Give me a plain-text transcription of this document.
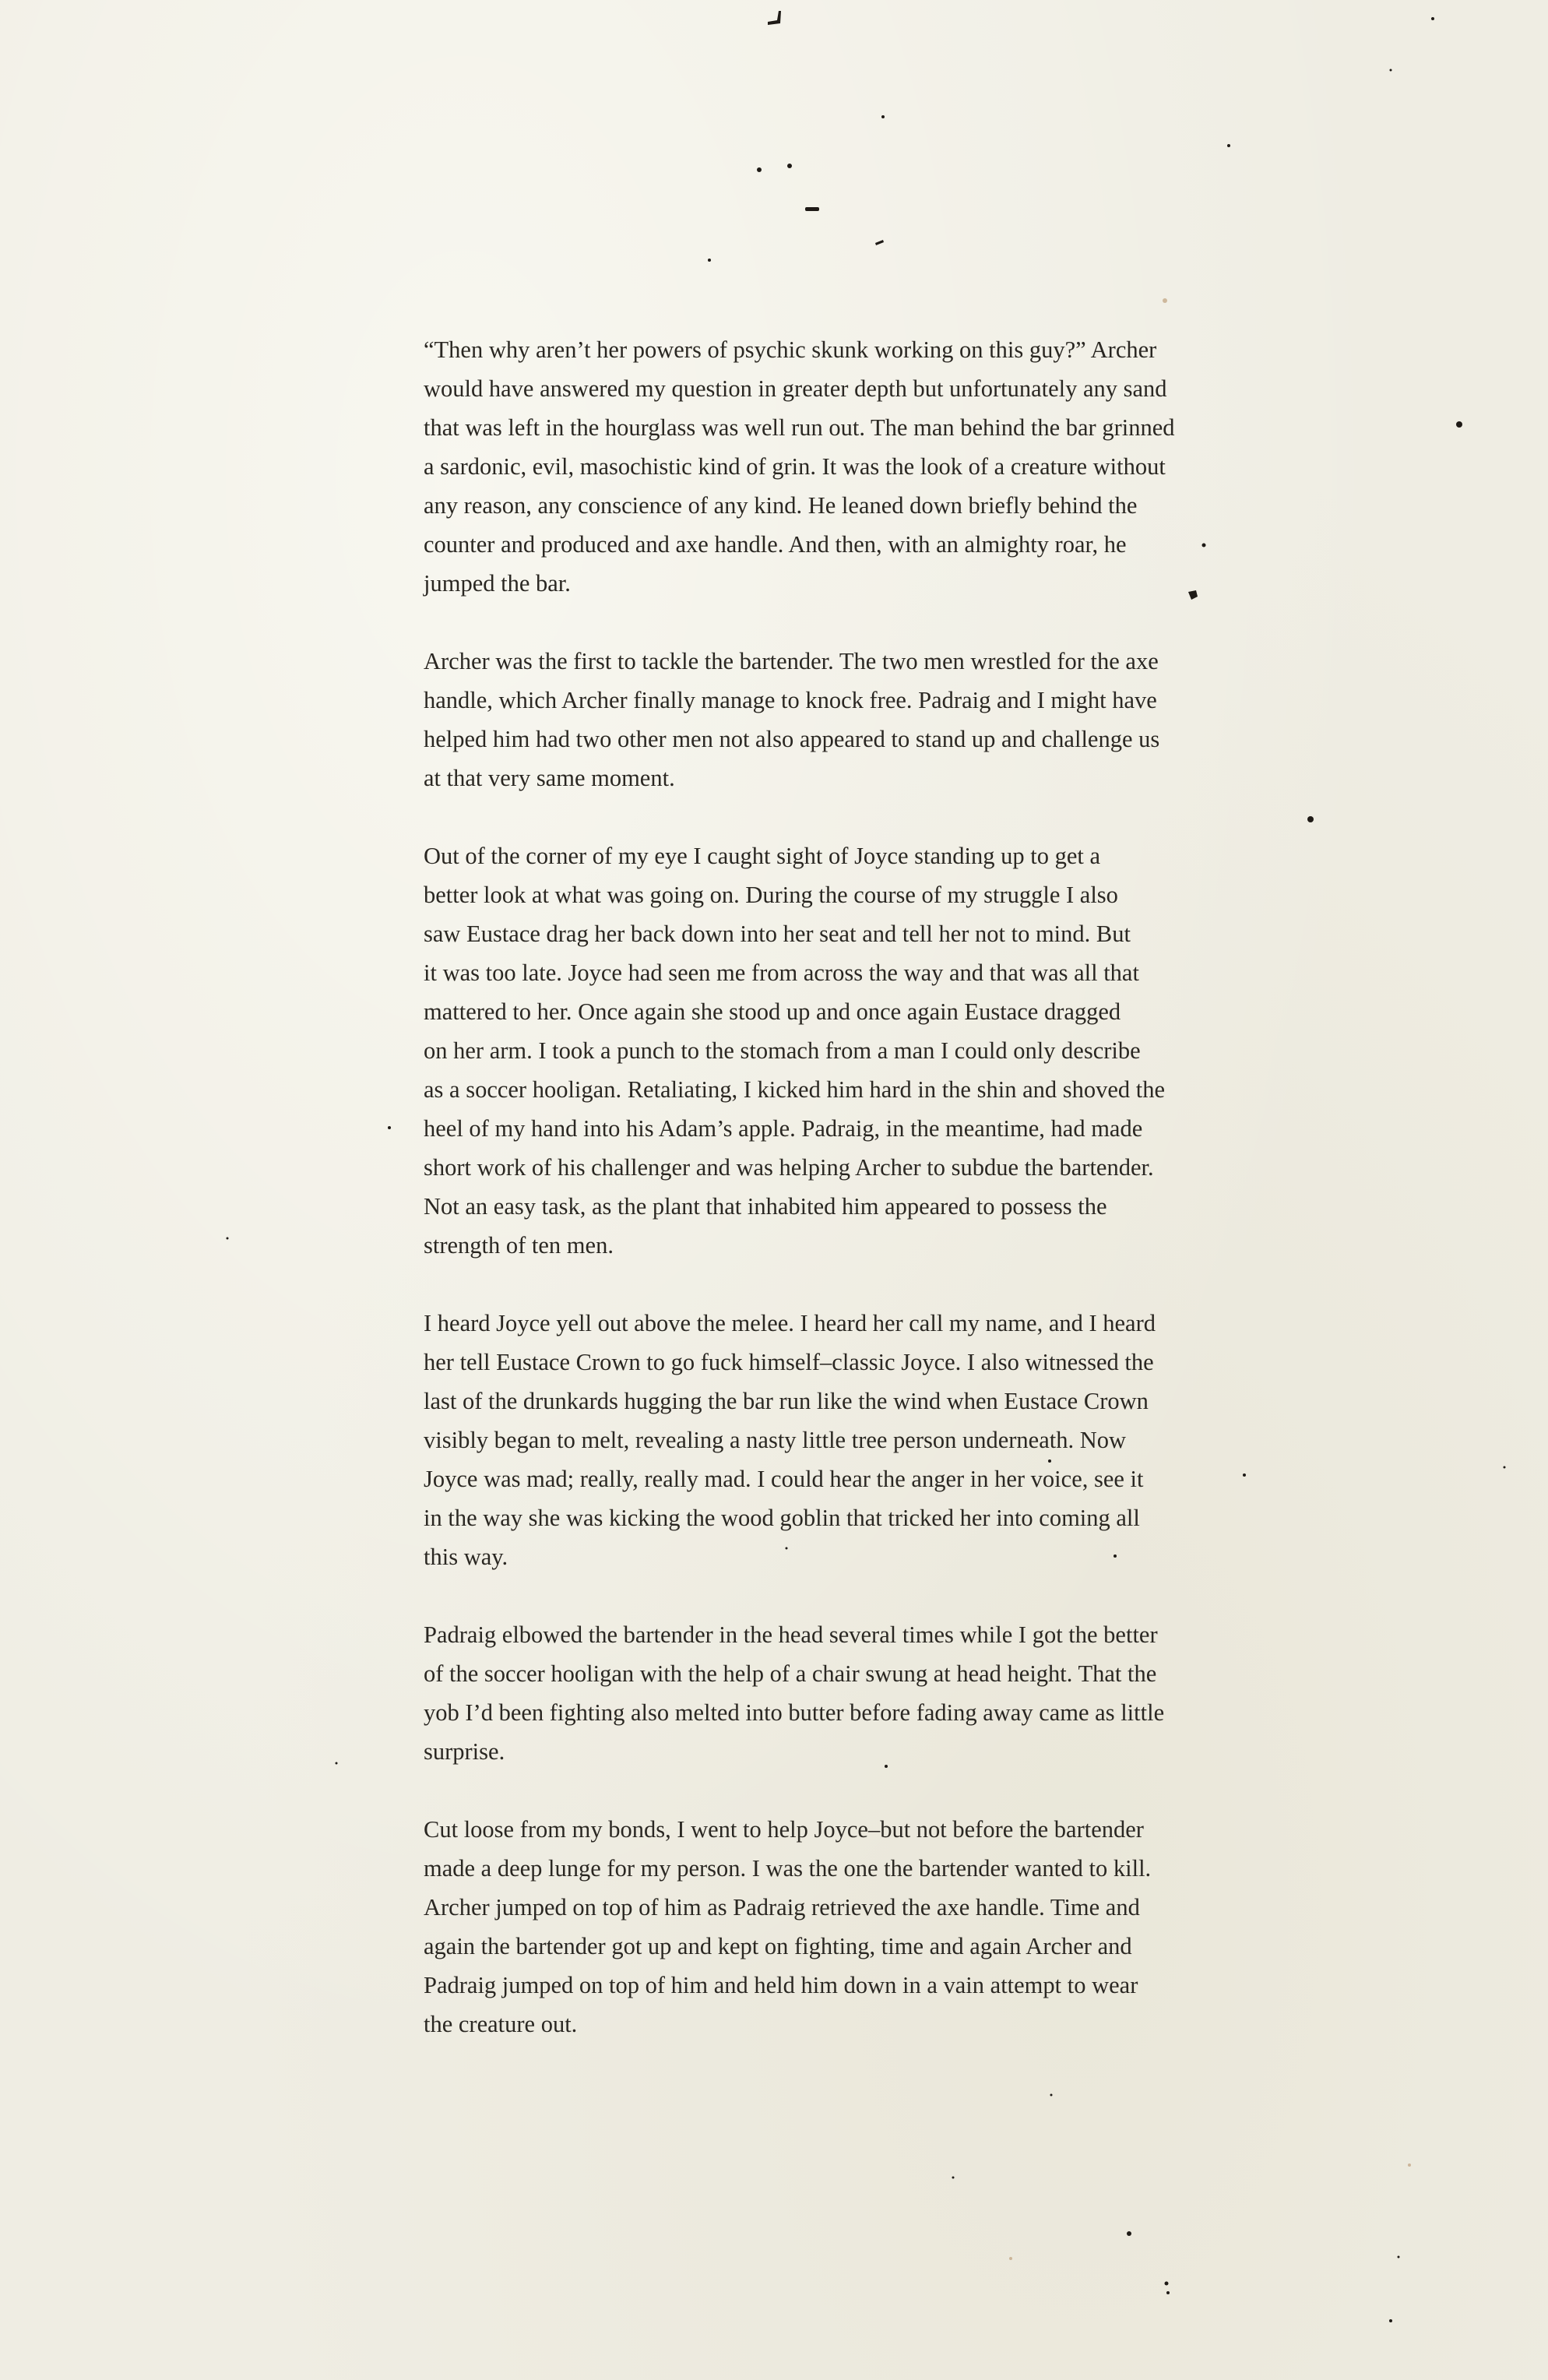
“Then why aren’t her powers of psychic skunk working on this guy?” Archer
would have answered my question in greater depth but unfortunately any sand
that was left in the hourglass was well run out. The man behind the bar grinned
a sardonic, evil, masochistic kind of grin. It was the look of a creature without
any reason, any conscience of any kind. He leaned down briefly behind the
counter and produced and axe handle. And then, with an almighty roar, he
jumped the bar.

Archer was the first to tackle the bartender. The two men wrestled for the axe
handle, which Archer finally manage to knock free. Padraig and I might have
helped him had two other men not also appeared to stand up and challenge us
at that very same moment.

Out of the corner of my eye I caught sight of Joyce standing up to get a
better look at what was going on. During the course of my struggle I also
saw Eustace drag her back down into her seat and tell her not to mind. But
it was too late. Joyce had seen me from across the way and that was all that
mattered to her. Once again she stood up and once again Eustace dragged
on her arm. I took a punch to the stomach from a man I could only describe
as a soccer hooligan. Retaliating, I kicked him hard in the shin and shoved the
heel of my hand into his Adam’s apple. Padraig, in the meantime, had made
short work of his challenger and was helping Archer to subdue the bartender.
Not an easy task, as the plant that inhabited him appeared to possess the
strength of ten men.

I heard Joyce yell out above the melee. I heard her call my name, and I heard
her tell Eustace Crown to go fuck himself–classic Joyce. I also witnessed the
last of the drunkards hugging the bar run like the wind when Eustace Crown
visibly began to melt, revealing a nasty little tree person underneath. Now
Joyce was mad; really, really mad. I could hear the anger in her voice, see it
in the way she was kicking the wood goblin that tricked her into coming all
this way.

Padraig elbowed the bartender in the head several times while I got the better
of the soccer hooligan with the help of a chair swung at head height. That the
yob I’d been fighting also melted into butter before fading away came as little
surprise.

Cut loose from my bonds, I went to help Joyce–but not before the bartender
made a deep lunge for my person. I was the one the bartender wanted to kill.
Archer jumped on top of him as Padraig retrieved the axe handle. Time and
again the bartender got up and kept on fighting, time and again Archer and
Padraig jumped on top of him and held him down in a vain attempt to wear
the creature out.
